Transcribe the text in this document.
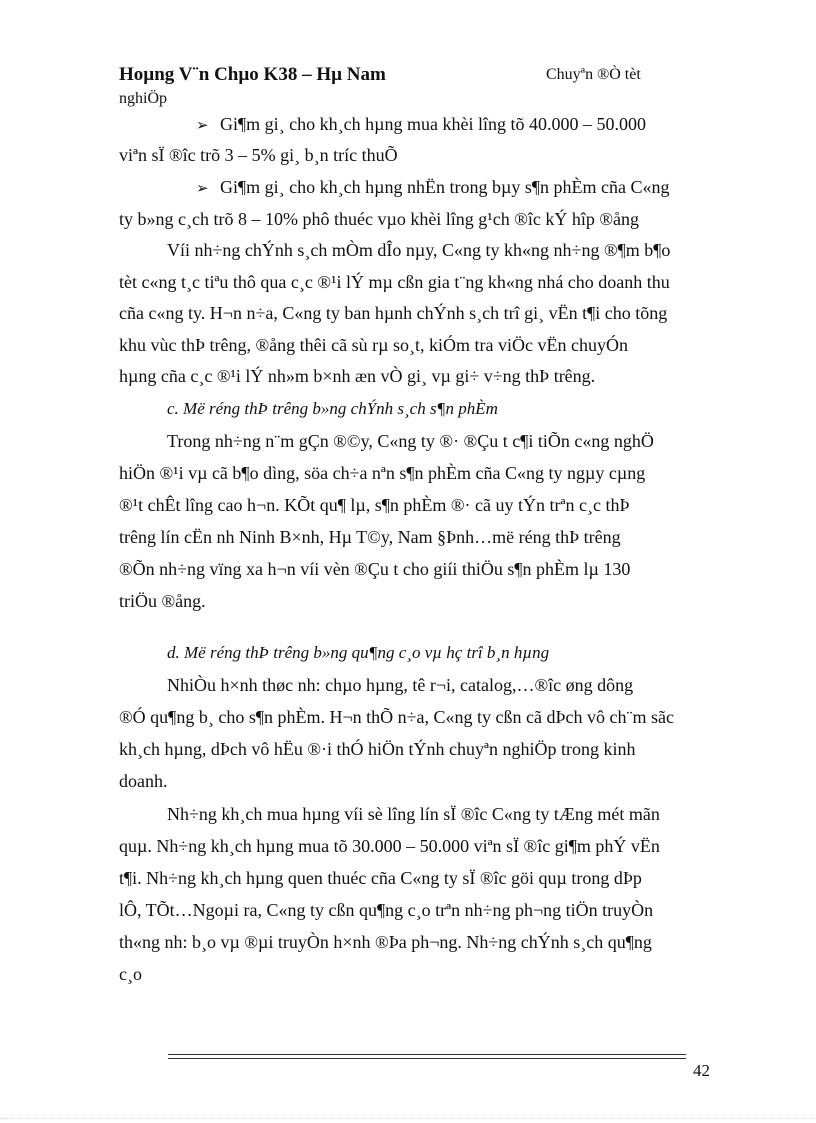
Hoµng V¨n Chµo K38 – Hµ Nam	Chuyªn ®Ò tèt
nghiÖp
➢ Gi¶m gi¸ cho kh¸ch hµng mua khèi lîng tõ 40.000 – 50.000
viªn sÏ ®îc trõ 3 – 5% gi¸ b¸n tríc thuÕ
➢ Gi¶m gi¸ cho kh¸ch hµng nhËn trong bµy s¶n phÈm cña C«ng
ty b»ng c¸ch trõ 8 – 10% phô thuéc vµo khèi lîng g¹ch ®îc kÝ hîp ®ång
Víi nh÷ng chÝnh s¸ch mÒm dÎo nµy, C«ng ty kh«ng nh÷ng ®¶m b¶o
tèt c«ng t¸c tiªu thô qua c¸c ®¹i lÝ mµ cßn gia t¨ng kh«ng nhá cho doanh thu
cña c«ng ty. H¬n n÷a, C«ng ty ban hµnh chÝnh s¸ch trî gi¸ vËn t¶i cho tõng
khu vùc thÞ trêng, ®ång thêi cã sù rµ so¸t, kiÓm tra viÖc vËn chuyÓn
hµng cña c¸c ®¹i lÝ nh»m b×nh æn vÒ gi¸ vµ gi÷ v÷ng thÞ trêng.
c. Më réng thÞ trêng b»ng chÝnh s¸ch s¶n phÈm
Trong nh÷ng n¨m gÇn ®©y, C«ng ty ®· ®Çu t c¶i tiÕn c«ng nghÖ
hiÖn ®¹i vµ cã b¶o dìng, söa ch÷a nªn s¶n phÈm cña C«ng ty ngµy cµng
®¹t chÊt lîng cao h¬n. KÕt qu¶ lµ, s¶n phÈm ®· cã uy tÝn trªn c¸c thÞ
trêng lín cËn nh Ninh B×nh, Hµ T©y, Nam §Þnh…më réng thÞ trêng
®Õn nh÷ng vïng xa h¬n víi vèn ®Çu t cho giíi thiÖu s¶n phÈm lµ 130
triÖu ®ång.
d. Më réng thÞ trêng b»ng qu¶ng c¸o vµ hç trî b¸n hµng
NhiÒu h×nh thøc nh: chµo hµng, tê r¬i, catalog,…®îc øng dông
®Ó qu¶ng b¸ cho s¶n phÈm. H¬n thÕ n÷a, C«ng ty cßn cã dÞch vô ch¨m sãc
kh¸ch hµng, dÞch vô hËu ®·i thÓ hiÖn tÝnh chuyªn nghiÖp trong kinh
doanh.
Nh÷ng kh¸ch mua hµng víi sè lîng lín sÏ ®îc C«ng ty tÆng mét mãn
quµ. Nh÷ng kh¸ch hµng mua tõ 30.000 – 50.000 viªn sÏ ®îc gi¶m phÝ vËn
t¶i. Nh÷ng kh¸ch hµng quen thuéc cña C«ng ty sÏ ®îc göi quµ trong dÞp
lÔ, TÕt…Ngoµi ra, C«ng ty cßn qu¶ng c¸o trªn nh÷ng ph¬ng tiÖn truyÒn
th«ng nh: b¸o vµ ®µi truyÒn h×nh ®Þa ph¬ng. Nh÷ng chÝnh s¸ch qu¶ng
c¸o
42
